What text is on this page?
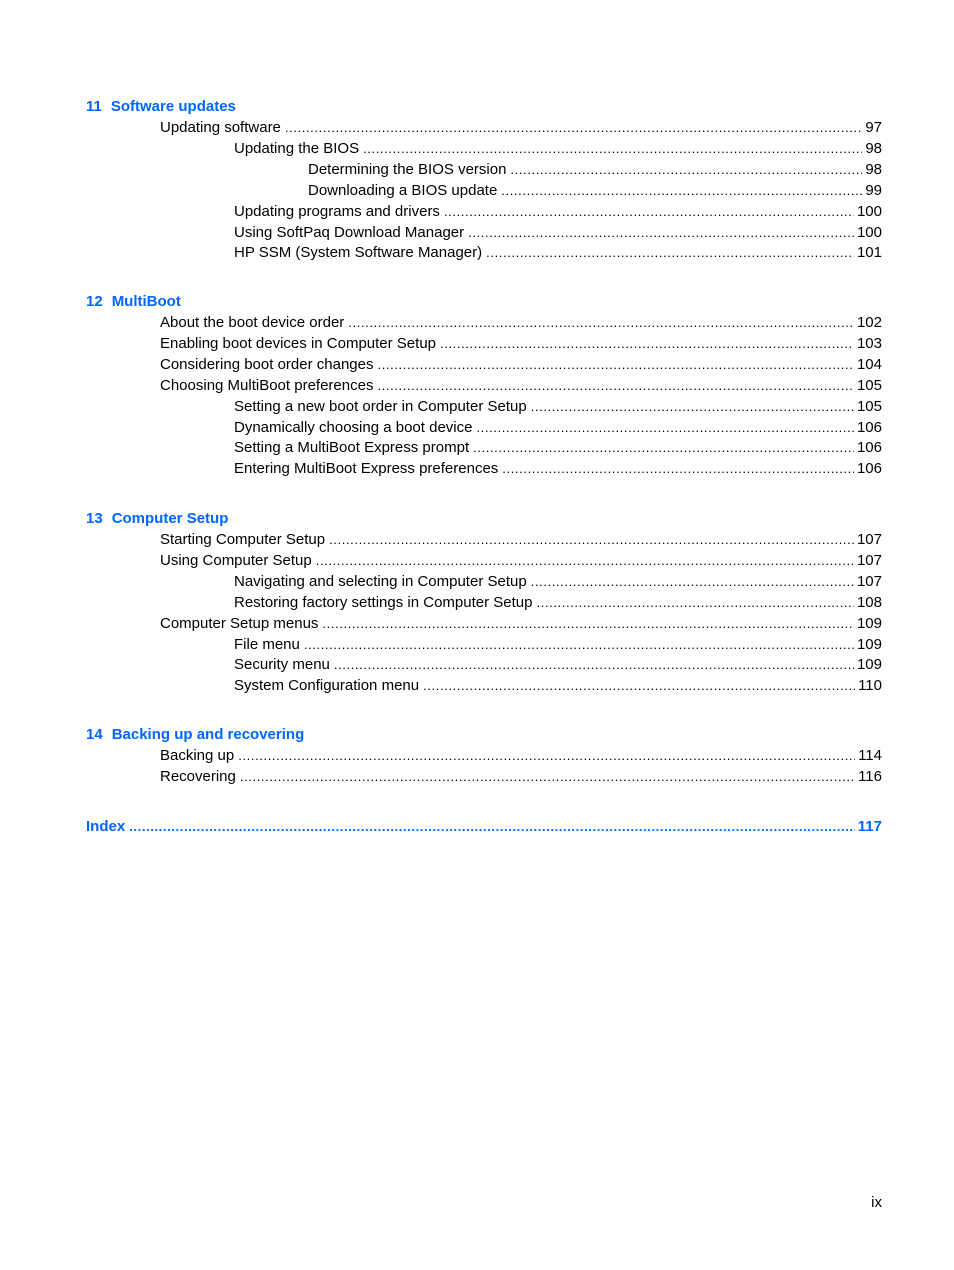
11 Software updates
Updating software .....	97
Updating the BIOS .....	98
Determining the BIOS version .....	98
Downloading a BIOS update .....	99
Updating programs and drivers .....	100
Using SoftPaq Download Manager .....	100
HP SSM (System Software Manager) .....	101
12 MultiBoot
About the boot device order .....	102
Enabling boot devices in Computer Setup .....	103
Considering boot order changes .....	104
Choosing MultiBoot preferences .....	105
Setting a new boot order in Computer Setup .....	105
Dynamically choosing a boot device .....	106
Setting a MultiBoot Express prompt .....	106
Entering MultiBoot Express preferences .....	106
13 Computer Setup
Starting Computer Setup .....	107
Using Computer Setup .....	107
Navigating and selecting in Computer Setup .....	107
Restoring factory settings in Computer Setup .....	108
Computer Setup menus .....	109
File menu .....	109
Security menu .....	109
System Configuration menu .....	110
14 Backing up and recovering
Backing up .....	114
Recovering .....	116
Index .....	117
ix
